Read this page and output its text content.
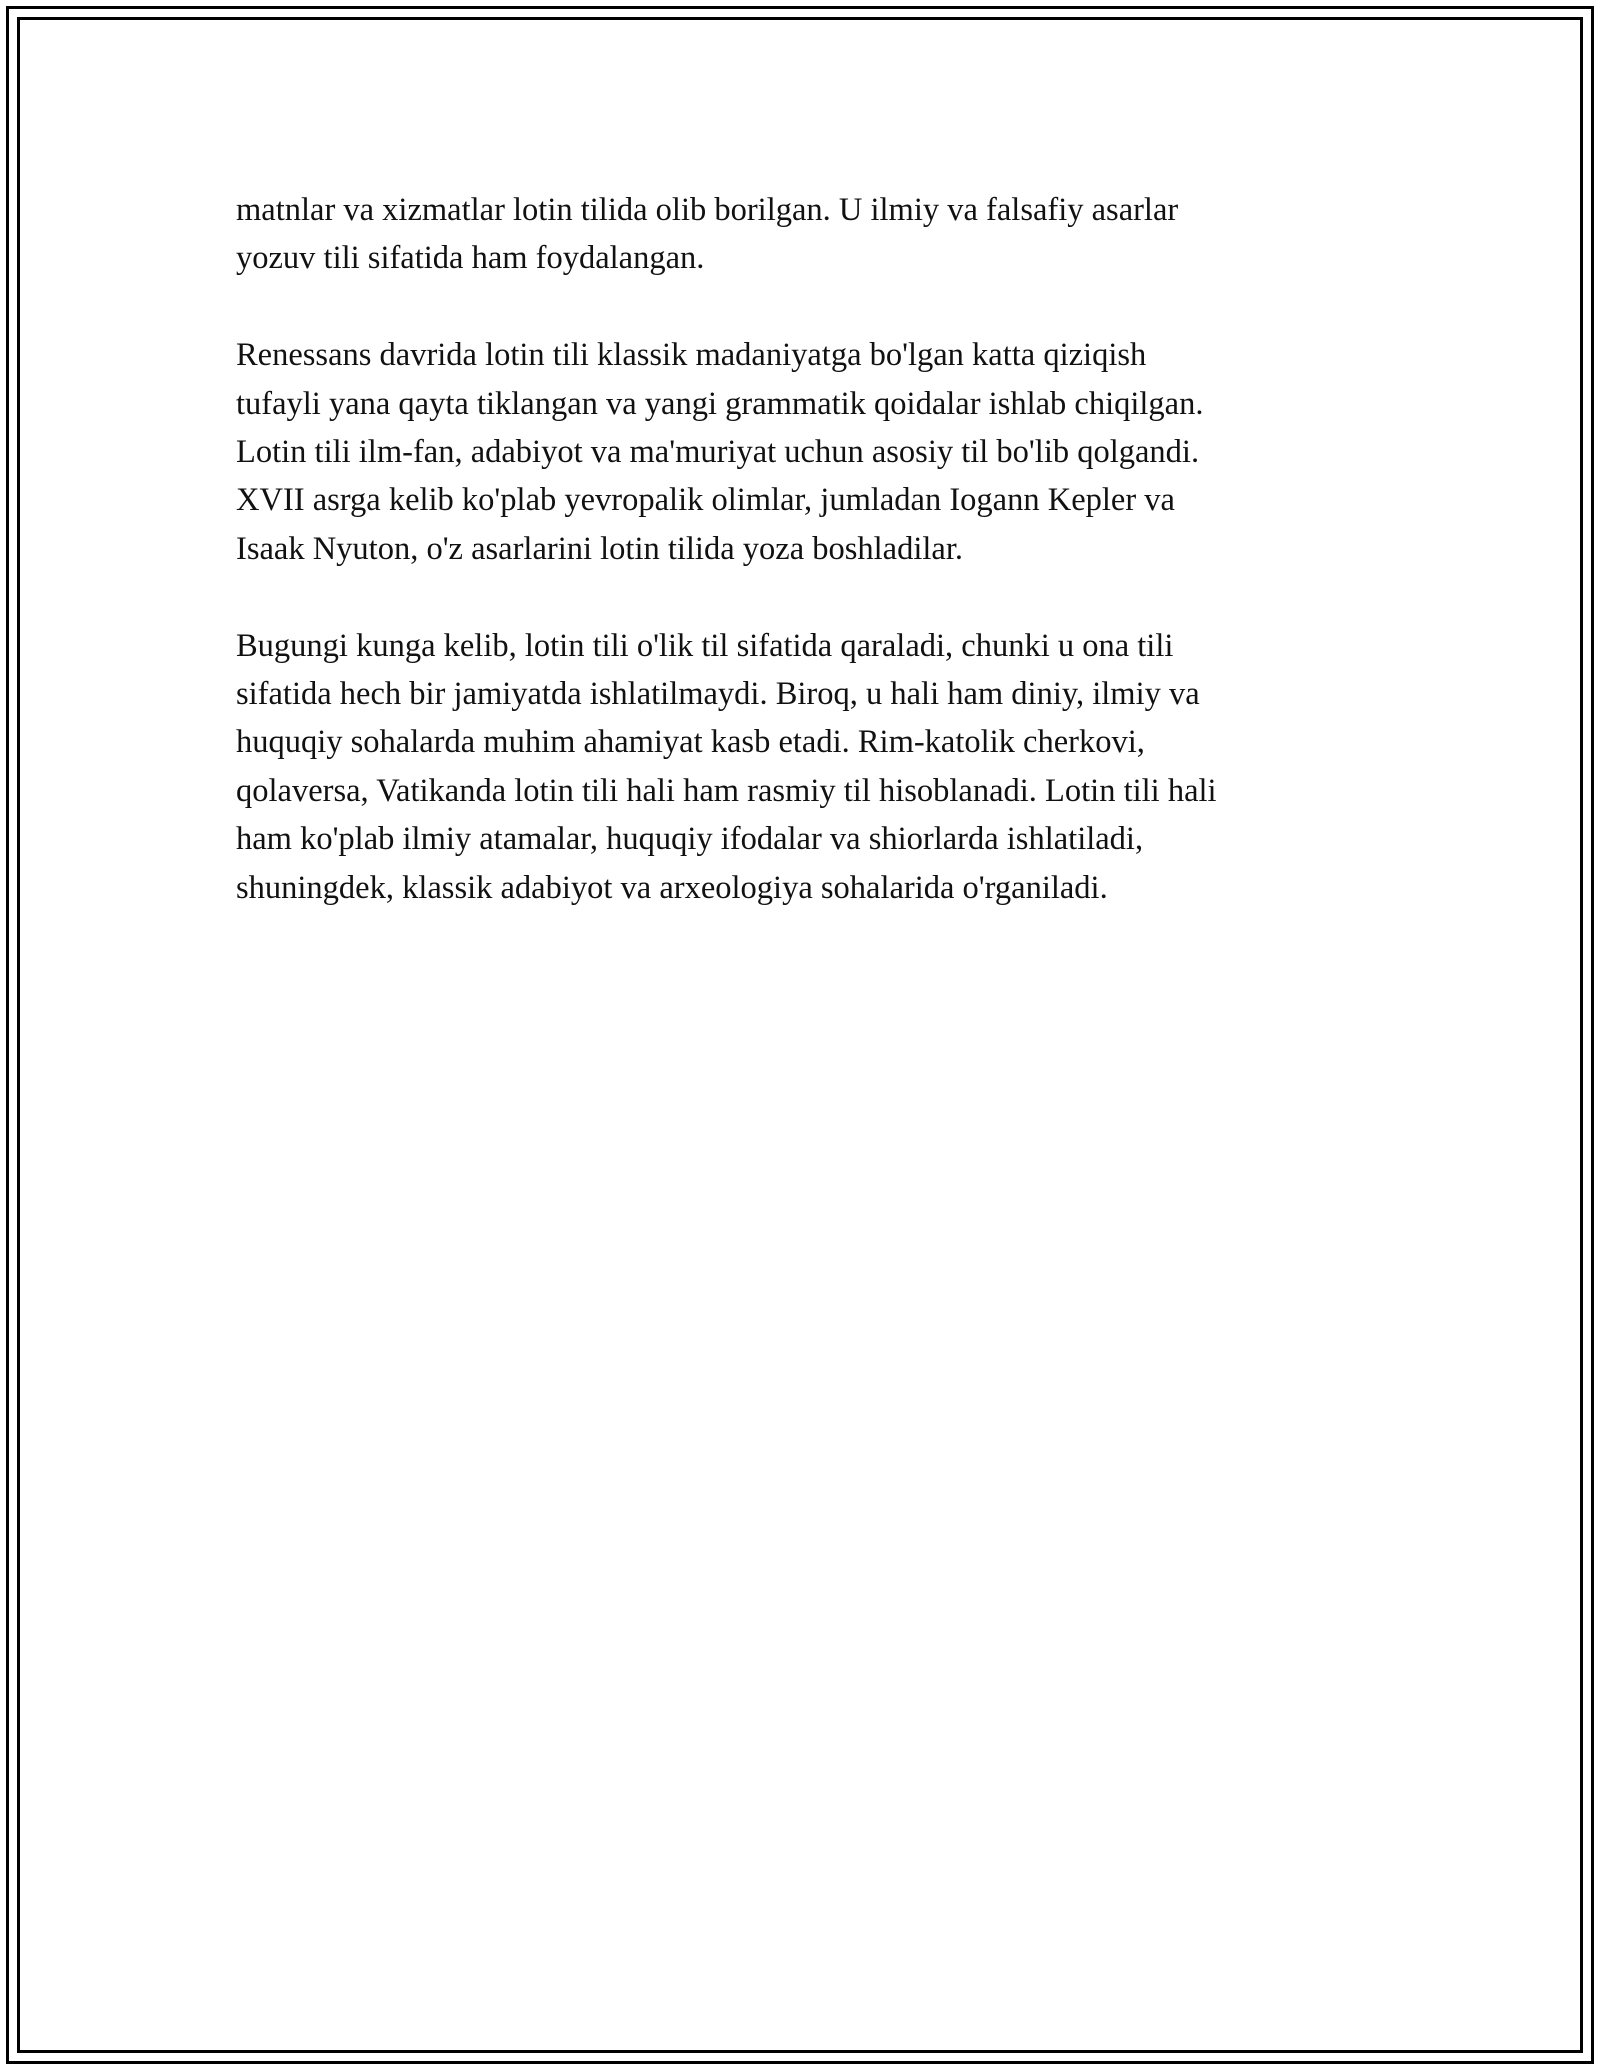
matnlar va xizmatlar lotin tilida olib borilgan. U ilmiy va falsafiy asarlar
yozuv tili sifatida ham foydalangan.

Renessans davrida lotin tili klassik madaniyatga bo'lgan katta qiziqish
tufayli yana qayta tiklangan va yangi grammatik qoidalar ishlab chiqilgan.
Lotin tili ilm-fan, adabiyot va ma'muriyat uchun asosiy til bo'lib qolgandi.
XVII asrga kelib ko'plab yevropalik olimlar, jumladan Iogann Kepler va
Isaak Nyuton, o'z asarlarini lotin tilida yoza boshladilar.

Bugungi kunga kelib, lotin tili o'lik til sifatida qaraladi, chunki u ona tili
sifatida hech bir jamiyatda ishlatilmaydi. Biroq, u hali ham diniy, ilmiy va
huquqiy sohalarda muhim ahamiyat kasb etadi. Rim-katolik cherkovi,
qolaversa, Vatikanda lotin tili hali ham rasmiy til hisoblanadi. Lotin tili hali
ham ko'plab ilmiy atamalar, huquqiy ifodalar va shiorlarda ishlatiladi,
shuningdek, klassik adabiyot va arxeologiya sohalarida o'rganiladi.
